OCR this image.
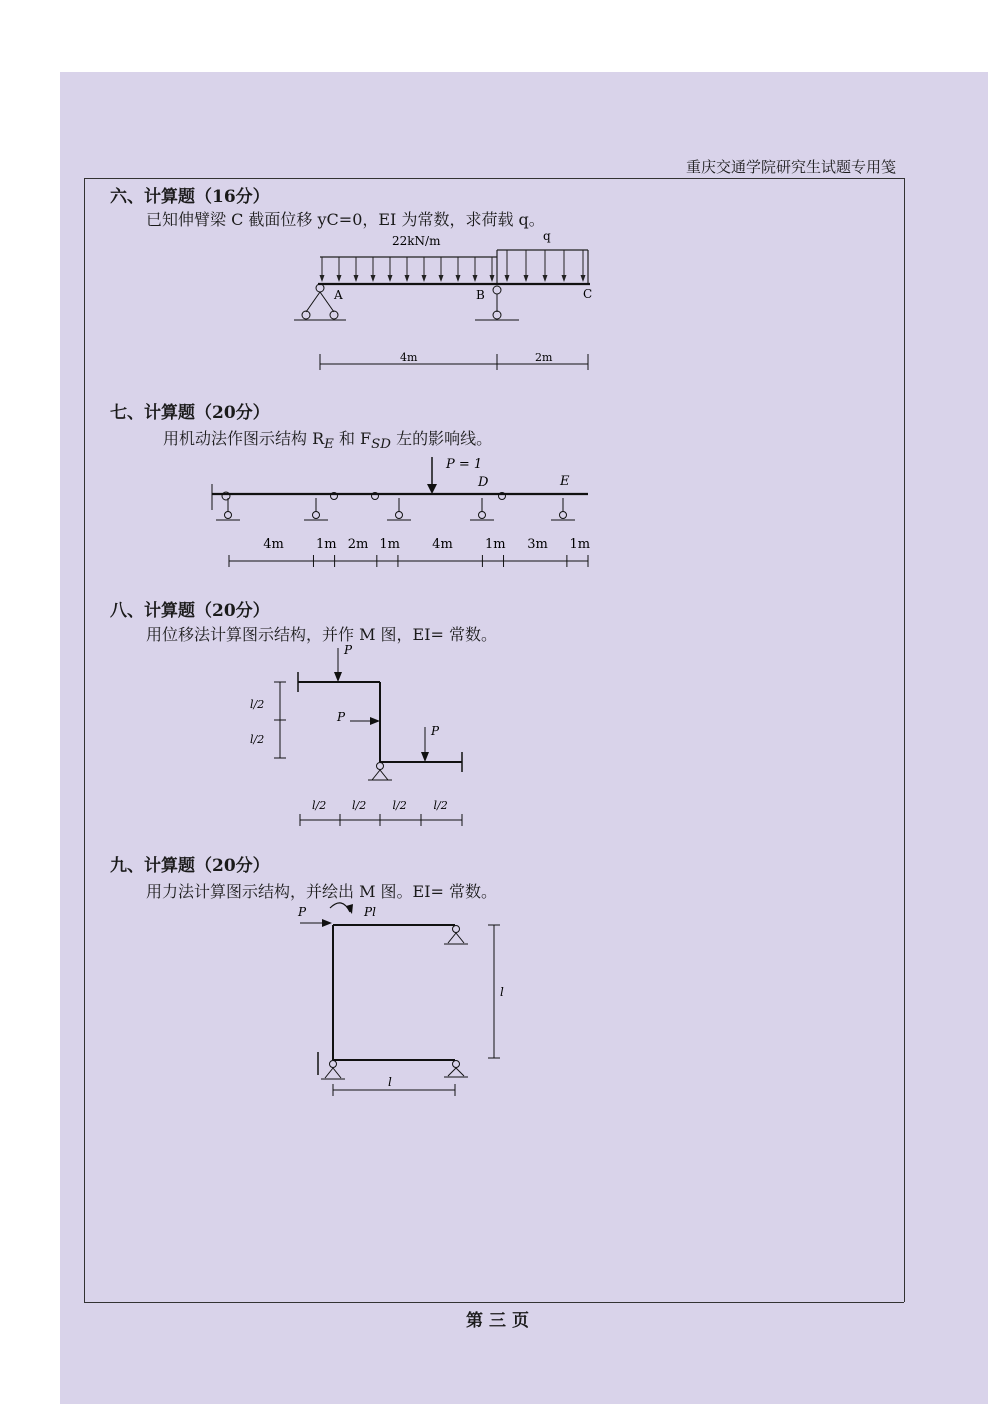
重庆交通学院研究生试题专用笺
六、计算题（16分）
已知伸臂梁 C 截面位移 yC=0，EI 为常数，求荷载 q。
22kN/m	q
A	B	C
4m	2m
七、计算题（20分）
用机动法作图示结构 $R_E$ 和 $F_{SD}$ 左的影响线。
P = 1
D	E
4m 1m 2m 1m 4m 1m 3m 1m
八、计算题（20分）
用位移法计算图示结构，并作 M 图，EI= 常数。
P
P
P
l/2
l/2
l/2 l/2 l/2 l/2
九、计算题（20分）
用力法计算图示结构，并绘出 M 图。EI= 常数。
P	Pl
l
l
第三页
